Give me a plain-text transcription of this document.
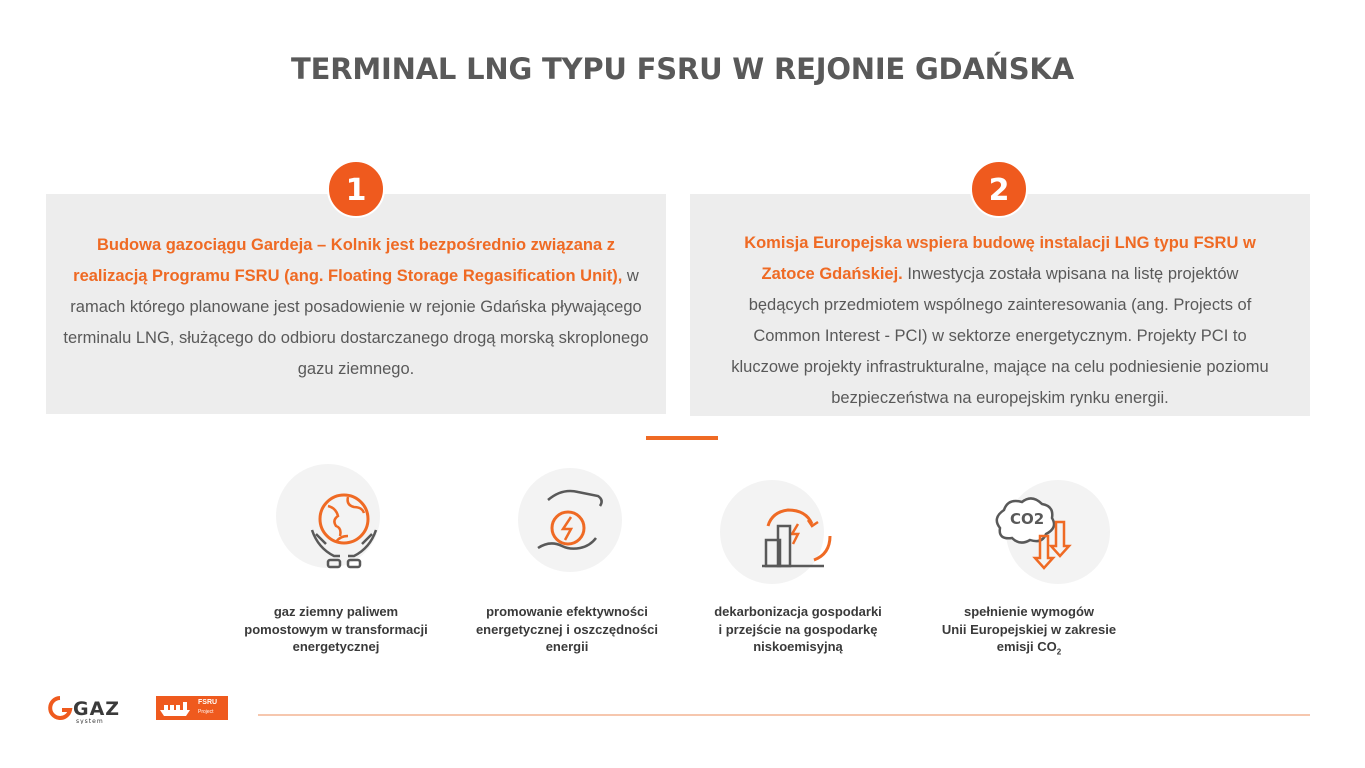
TERMINAL LNG TYPU FSRU W REJONIE GDAŃSKA
Budowa gazociągu Gardeja – Kolnik jest bezpośrednio związana z realizacją Programu FSRU (ang. Floating Storage Regasification Unit), w ramach którego planowane jest posadowienie w rejonie Gdańska pływającego terminalu LNG, służącego do odbioru dostarczanego drogą morską skroplonego gazu ziemnego.
1
Komisja Europejska wspiera budowę instalacji LNG typu FSRU w Zatoce Gdańskiej. Inwestycja została wpisana na listę projektów będących przedmiotem wspólnego zainteresowania (ang. Projects of Common Interest - PCI) w sektorze energetycznym. Projekty PCI to kluczowe projekty infrastrukturalne, mające na celu podniesienie poziomu bezpieczeństwa na europejskim rynku energii.
2
CO2
gaz ziemny paliwem
pomostowym w transformacji
energetycznej
promowanie efektywności
energetycznej i oszczędności
energii
dekarbonizacja gospodarki
i przejście na gospodarkę
niskoemisyjną
spełnienie wymogów
Unii Europejskiej w zakresie
emisji $CO_2$
GAZ
system
FSRU
Project
